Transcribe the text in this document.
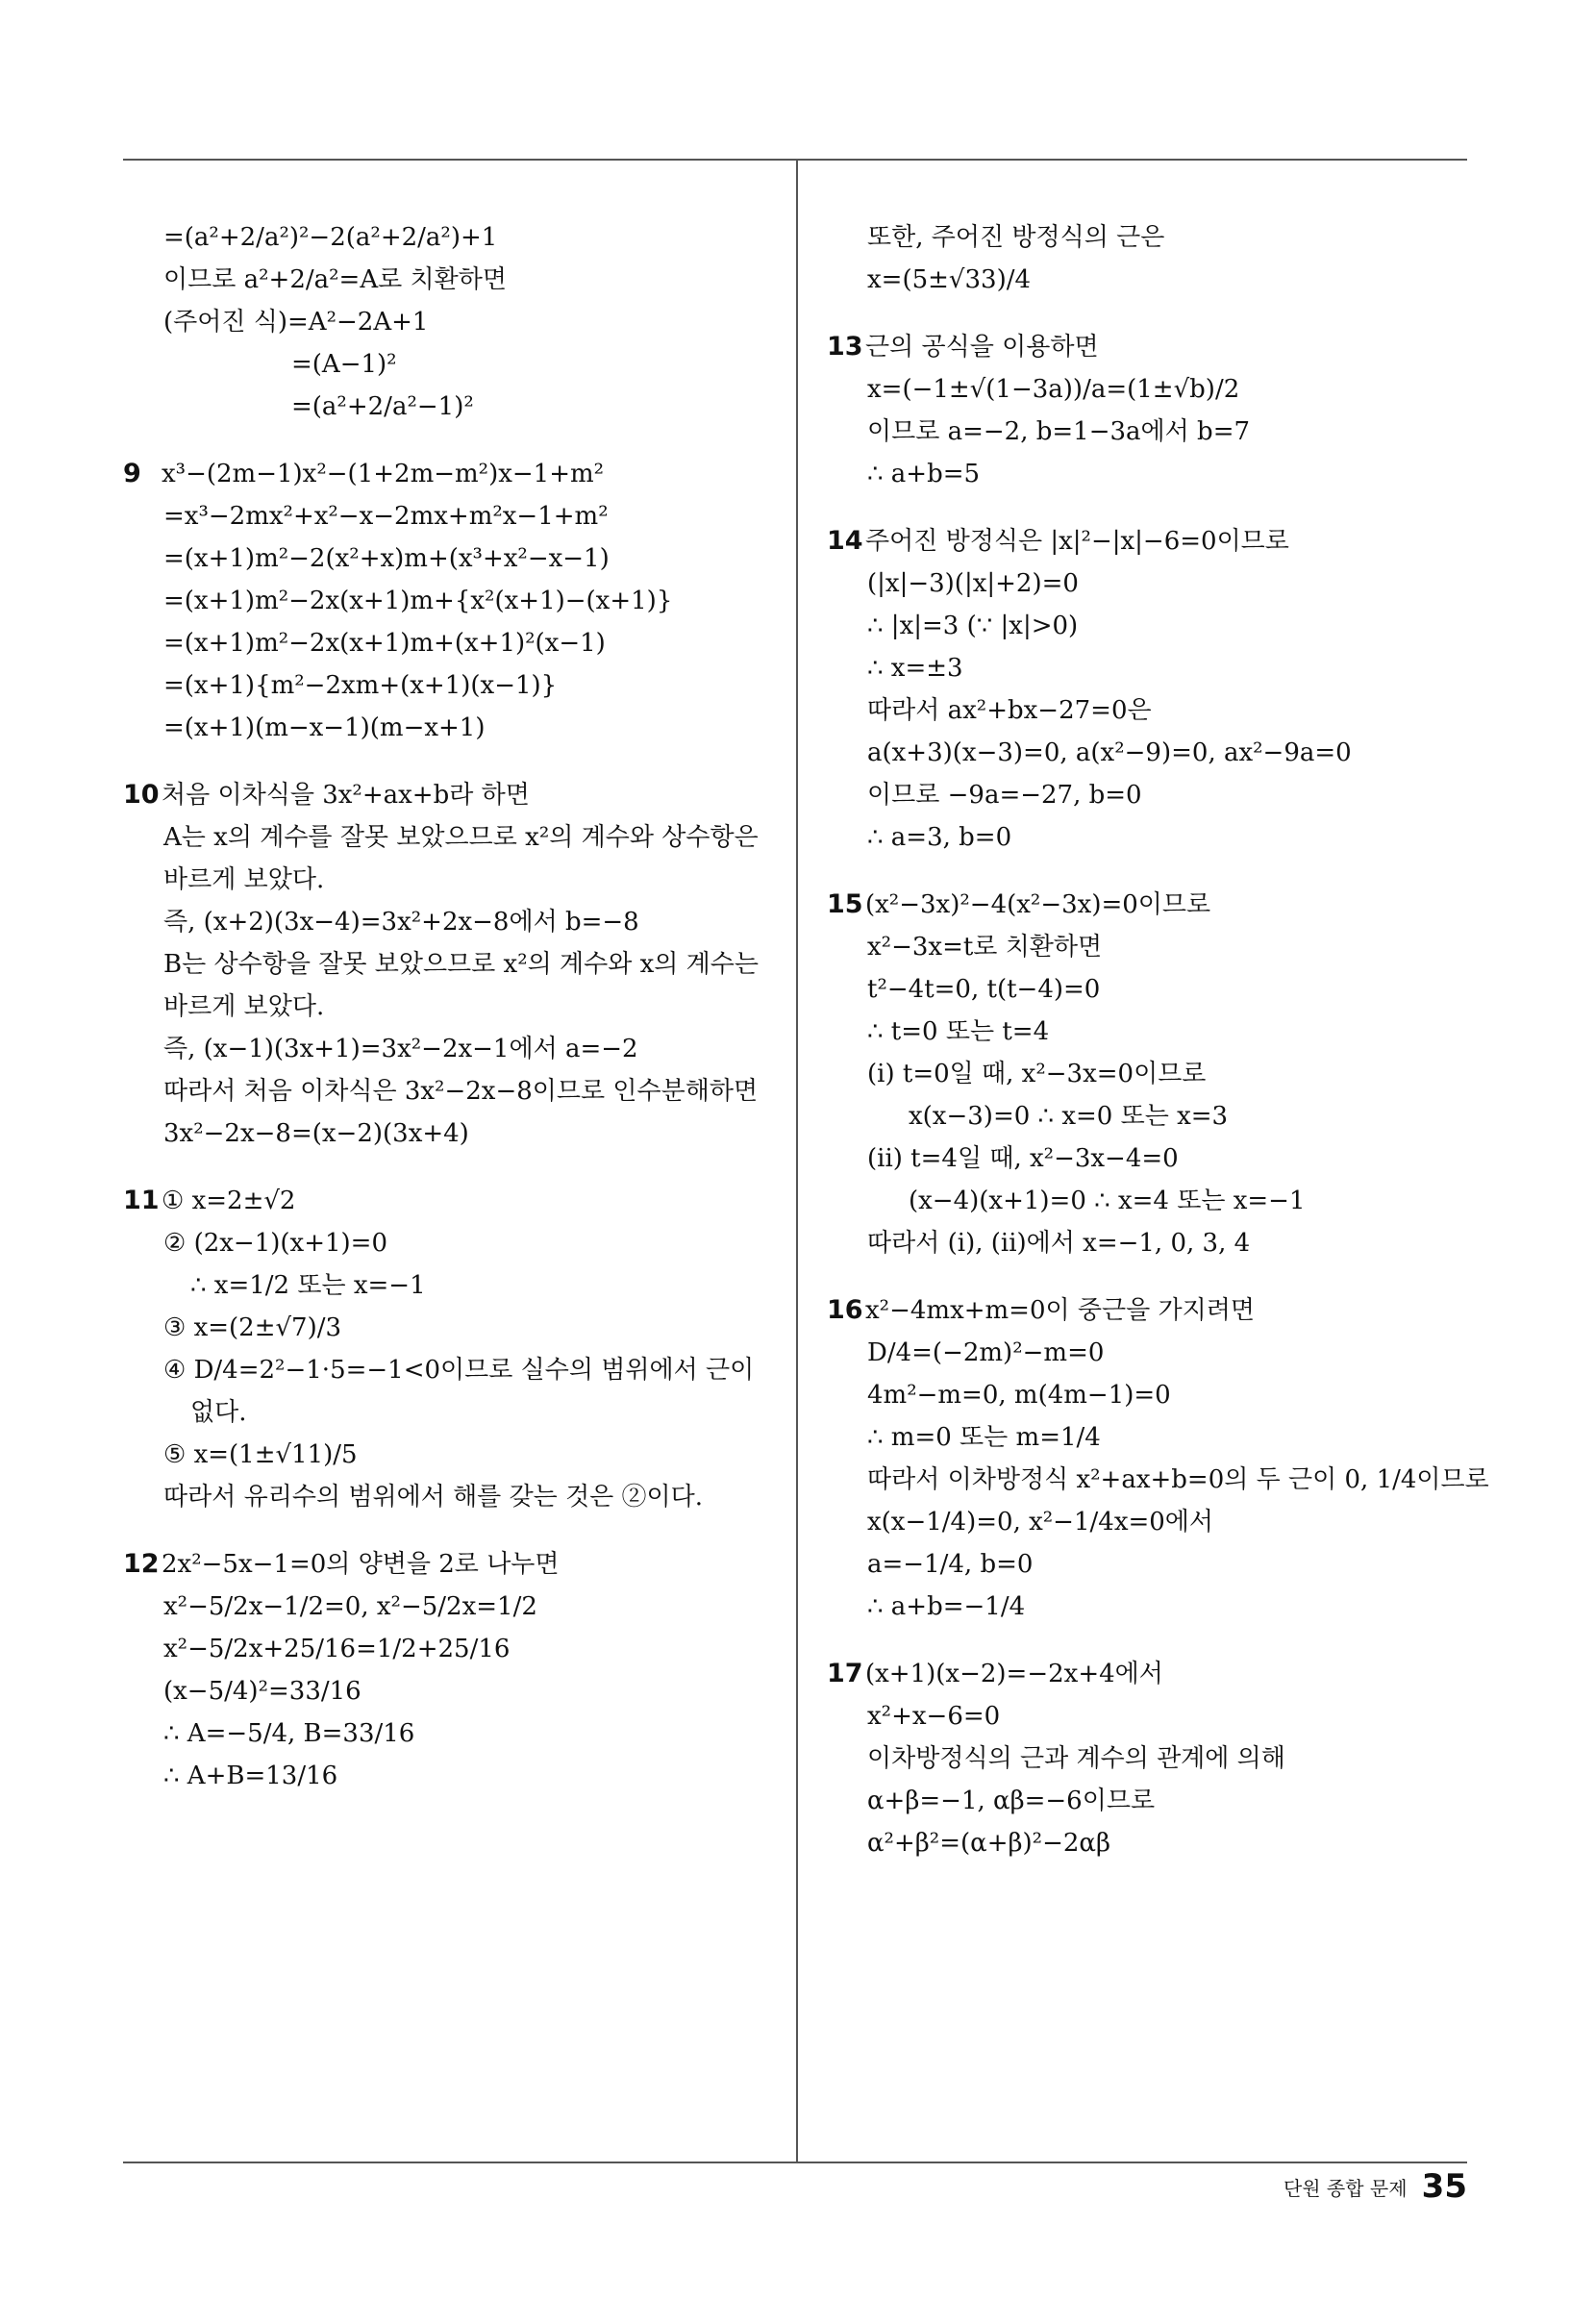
=(a²+2/a²)²−2(a²+2/a²)+1
이므로 a²+2/a²=A로 치환하면
(주어진 식)=A²−2A+1
=(A−1)²
=(a²+2/a²−1)²
9 x³−(2m−1)x²−(1+2m−m²)x−1+m²
=x³−2mx²+x²−x−2mx+m²x−1+m²
=(x+1)m²−2(x²+x)m+(x³+x²−x−1)
=(x+1)m²−2x(x+1)m+{x²(x+1)−(x+1)}
=(x+1)m²−2x(x+1)m+(x+1)²(x−1)
=(x+1){m²−2xm+(x+1)(x−1)}
=(x+1)(m−x−1)(m−x+1)
10처음 이차식을 3x²+ax+b라 하면
A는 x의 계수를 잘못 보았으므로 x²의 계수와 상수항은
바르게 보았다.
즉, (x+2)(3x−4)=3x²+2x−8에서 b=−8
B는 상수항을 잘못 보았으므로 x²의 계수와 x의 계수는
바르게 보았다.
즉, (x−1)(3x+1)=3x²−2x−1에서 a=−2
따라서 처음 이차식은 3x²−2x−8이므로 인수분해하면
3x²−2x−8=(x−2)(3x+4)
11① x=2±√2
② (2x−1)(x+1)=0
∴ x=1/2 또는 x=−1
③ x=(2±√7)/3
④ D/4=2²−1·5=−1<0이므로 실수의 범위에서 근이
없다.
⑤ x=(1±√11)/5
따라서 유리수의 범위에서 해를 갖는 것은 ②이다.
122x²−5x−1=0의 양변을 2로 나누면
x²−5/2x−1/2=0, x²−5/2x=1/2
x²−5/2x+25/16=1/2+25/16
(x−5/4)²=33/16
∴ A=−5/4, B=33/16
∴ A+B=13/16
또한, 주어진 방정식의 근은
x=(5±√33)/4
13근의 공식을 이용하면
x=(−1±√(1−3a))/a=(1±√b)/2
이므로 a=−2, b=1−3a에서 b=7
∴ a+b=5
14주어진 방정식은 |x|²−|x|−6=0이므로
(|x|−3)(|x|+2)=0
∴ |x|=3 (∵ |x|>0)
∴ x=±3
따라서 ax²+bx−27=0은
a(x+3)(x−3)=0, a(x²−9)=0, ax²−9a=0
이므로 −9a=−27, b=0
∴ a=3, b=0
15(x²−3x)²−4(x²−3x)=0이므로
x²−3x=t로 치환하면
t²−4t=0, t(t−4)=0
∴ t=0 또는 t=4
(i) t=0일 때, x²−3x=0이므로
x(x−3)=0 ∴ x=0 또는 x=3
(ii) t=4일 때, x²−3x−4=0
(x−4)(x+1)=0 ∴ x=4 또는 x=−1
따라서 (i), (ii)에서 x=−1, 0, 3, 4
16x²−4mx+m=0이 중근을 가지려면
D/4=(−2m)²−m=0
4m²−m=0, m(4m−1)=0
∴ m=0 또는 m=1/4
따라서 이차방정식 x²+ax+b=0의 두 근이 0, 1/4이므로
x(x−1/4)=0, x²−1/4x=0에서
a=−1/4, b=0
∴ a+b=−1/4
17(x+1)(x−2)=−2x+4에서
x²+x−6=0
이차방정식의 근과 계수의 관계에 의해
α+β=−1, αβ=−6이므로
α²+β²=(α+β)²−2αβ
단원 종합 문제 35
